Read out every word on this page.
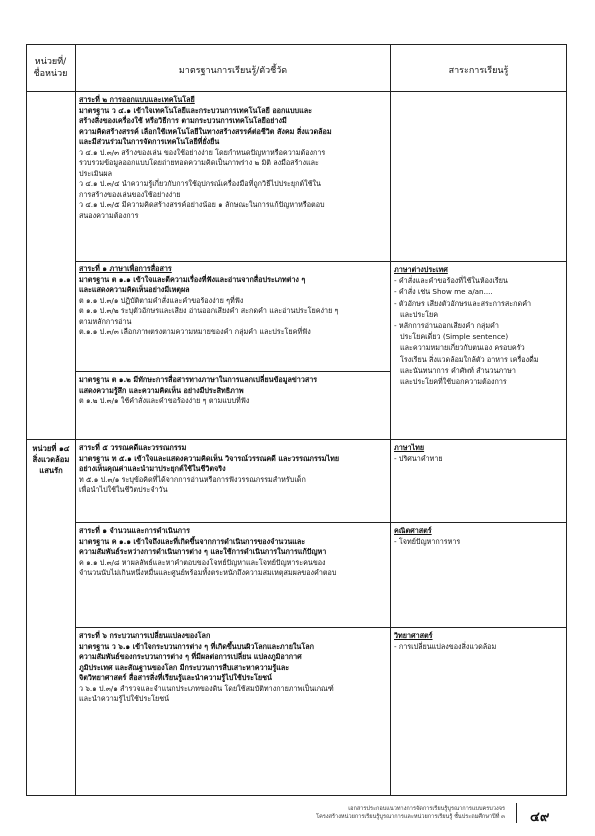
หน่วยที่/
ชื่อหน่วย	มาตรฐานการเรียนรู้/ตัวชี้วัด	สาระการเรียนรู้
หน่วยที่ ๑๔
สิ่งแวดล้อม
แสนรัก
สาระที่ ๒ การออกแบบและเทคโนโลยี
มาตรฐาน ว ๔.๑ เข้าใจเทคโนโลยีและกระบวนการเทคโนโลยี ออกแบบและ
สร้างสิ่งของเครื่องใช้ หรือวิธีการ ตามกระบวนการเทคโนโลยีอย่างมี
ความคิดสร้างสรรค์ เลือกใช้เทคโนโลยีในทางสร้างสรรค์ต่อชีวิต สังคม สิ่งแวดล้อม
และมีส่วนร่วมในการจัดการเทคโนโลยีที่ยั่งยืน
ว ๔.๑ ป.๓/๓ สร้างของเล่น ของใช้อย่างง่าย โดยกำหนดปัญหาหรือความต้องการ
รวบรวมข้อมูลออกแบบโดยถ่ายทอดความคิดเป็นภาพร่าง ๒ มิติ ลงมือสร้างและ
ประเมินผล
ว ๔.๑ ป.๓/๔ นำความรู้เกี่ยวกับการใช้อุปกรณ์เครื่องมือที่ถูกวิธีไปประยุกต์ใช้ใน
การสร้างของเล่นของใช้อย่างง่าย
ว ๔.๑ ป.๓/๕ มีความคิดสร้างสรรค์อย่างน้อย ๑ ลักษณะในการแก้ปัญหาหรือตอบ
สนองความต้องการ
สาระที่ ๑ ภาษาเพื่อการสื่อสาร
มาตรฐาน ต ๑.๑ เข้าใจและตีความเรื่องที่ฟังและอ่านจากสื่อประเภทต่าง ๆ
และแสดงความคิดเห็นอย่างมีเหตุผล
ต ๑.๑ ป.๓/๑ ปฏิบัติตามคำสั่งและคำขอร้องง่าย ๆที่ฟัง
ต ๑.๑ ป.๓/๒ ระบุตัวอักษรและเสียง อ่านออกเสียงคำ สะกดคำ และอ่านประโยคง่าย ๆ
ตามหลักการอ่าน
ต.๑.๑ ป.๓/๓ เลือกภาพตรงตามความหมายของคำ กลุ่มคำ และประโยคที่ฟัง
มาตรฐาน ต ๑.๒ มีทักษะการสื่อสารทางภาษาในการแลกเปลี่ยนข้อมูลข่าวสาร
แสดงความรู้สึก และความคิดเห็น อย่างมีประสิทธิภาพ
ต ๑.๒ ป.๓/๑ ใช้คำสั่งและคำขอร้องง่าย ๆ ตามแบบที่ฟัง
ภาษาต่างประเทศ
- คำสั่งและคำขอร้องที่ใช้ในห้องเรียน
- คำสั่ง เช่น Show me a/an....
- ตัวอักษร เสียงตัวอักษรและสระการสะกดคำ
และประโยค
- หลักการอ่านออกเสียงคำ กลุ่มคำ
ประโยคเดี่ยว (Simple sentence)
และความหมายเกี่ยวกับตนเอง ครอบครัว
โรงเรียน สิ่งแวดล้อมใกล้ตัว อาหาร เครื่องดื่ม
และนันทนาการ คำศัพท์ สำนวนภาษา
และประโยคที่ใช้บอกความต้องการ
สาระที่ ๕ วรรณคดีและวรรณกรรม
มาตรฐาน ท ๕.๑ เข้าใจและแสดงความคิดเห็น วิจารณ์วรรณคดี และวรรณกรรมไทย
อย่างเห็นคุณค่าและนำมาประยุกต์ใช้ในชีวิตจริง
ท ๕.๑ ป.๓/๑ ระบุข้อคิดที่ได้จากการอ่านหรือการฟังวรรณกรรมสำหรับเด็ก
เพื่อนำไปใช้ในชีวิตประจำวัน
ภาษาไทย
- ปริศนาคำทาย
สาระที่ ๑ จำนวนและการดำเนินการ
มาตรฐาน ค ๑.๑ เข้าใจถึงและที่เกิดขึ้นจากการดำเนินการของจำนวนและ
ความสัมพันธ์ระหว่างการดำเนินการต่าง ๆ และใช้การดำเนินการในการแก้ปัญหา
ค ๑.๑ ป.๓/๘ หาผลลัพธ์และหาคำตอบของโจทย์ปัญหาและโจทย์ปัญหาระคนของ
จำนวนนับไม่เกินหนึ่งหมื่นและศูนย์พร้อมทั้งตระหนักถึงความสมเหตุสมผลของคำตอบ
คณิตศาสตร์
- โจทย์ปัญหาการหาร
สาระที่ ๖ กระบวนการเปลี่ยนแปลงของโลก
มาตรฐาน ว ๖.๑ เข้าใจกระบวนการต่าง ๆ ที่เกิดขึ้นบนผิวโลกและภายในโลก
ความสัมพันธ์ของกระบวนการต่าง ๆ ที่มีผลต่อการเปลี่ยน แปลงภูมิอากาศ
ภูมิประเทศ และสัณฐานของโลก มีกระบวนการสืบเสาะหาความรู้และ
จิตวิทยาศาสตร์ สื่อสารสิ่งที่เรียนรู้และนำความรู้ไปใช้ประโยชน์
ว ๖.๑ ป.๓/๑ สำรวจและจำแนกประเภทของดิน โดยใช้สมบัติทางกายภาพเป็นเกณฑ์
และนำความรู้ไปใช้ประโยชน์
วิทยาศาสตร์
- การเปลี่ยนแปลงของสิ่งแวดล้อม
เอกสารประกอบแนวทางการจัดการเรียนรู้บูรณาการแบบครบวงจร
โครงสร้างหน่วยการเรียนรู้บูรณาการและหน่วยการเรียนรู้ ชั้นประถมศึกษาปีที่ ๓ ๔๙
